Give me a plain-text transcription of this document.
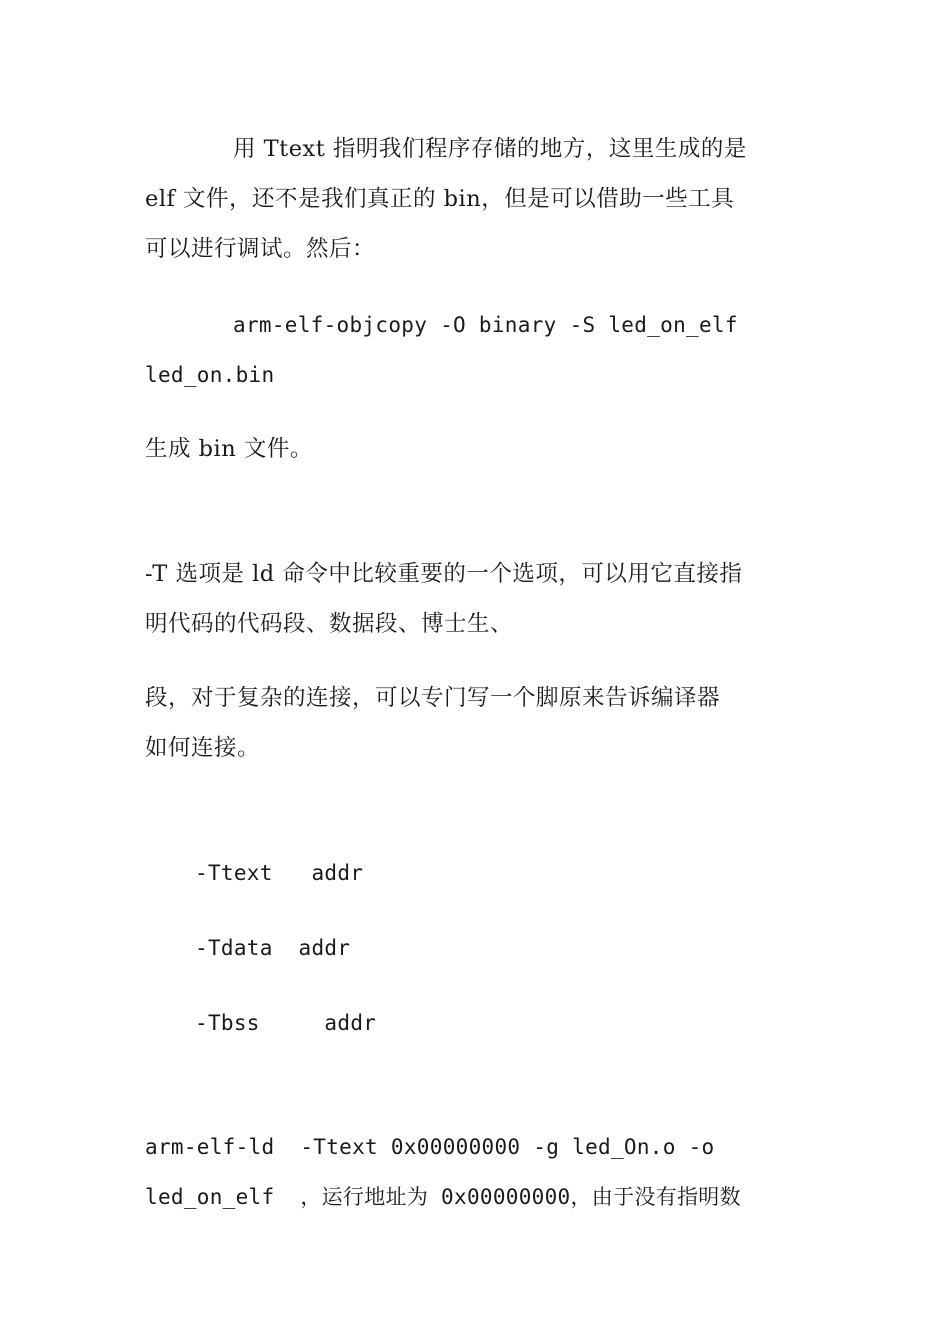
用 Ttext 指明我们程序存储的地方，这里生成的是
elf 文件，还不是我们真正的 bin，但是可以借助一些工具
可以进行调试。然后：
arm-elf-objcopy -O binary -S led_on_elf
led_on.bin
生成 bin 文件。
-T 选项是 ld 命令中比较重要的一个选项，可以用它直接指
明代码的代码段、数据段、博士生、
段，对于复杂的连接，可以专门写一个脚原来告诉编译器
如何连接。
-Ttext   addr
-Tdata  addr
-Tbss     addr
arm-elf-ld  -Ttext 0x00000000 -g led_On.o -o
led_on_elf  ，运行地址为 0x00000000，由于没有指明数
